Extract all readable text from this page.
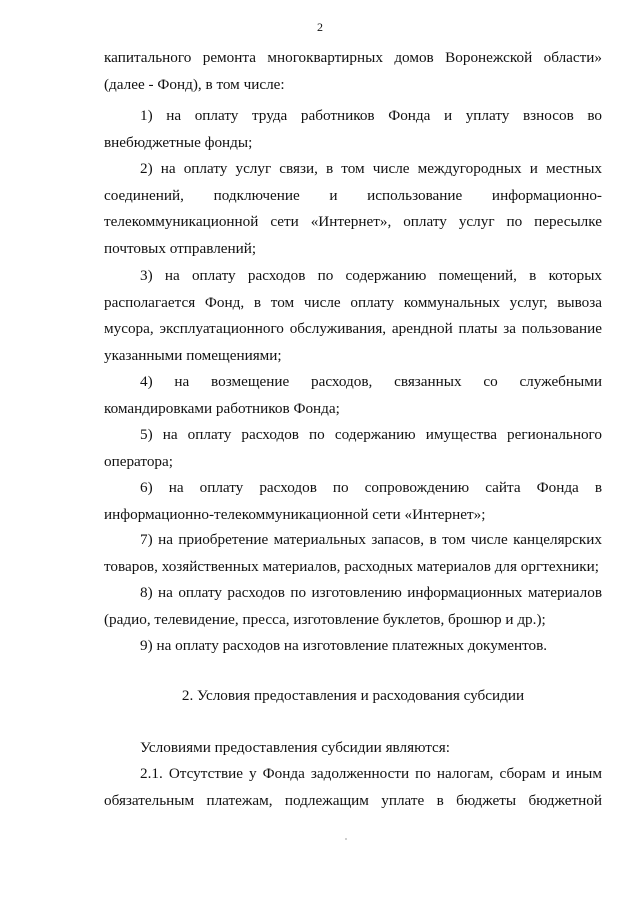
2

капитального ремонта многоквартирных домов Воронежской области» (далее - Фонд), в том числе:

1) на оплату труда работников Фонда и уплату взносов во внебюджетные фонды;

2) на оплату услуг связи, в том числе междугородных и местных соединений, подключение и использование информационно-телекоммуникационной сети «Интернет», оплату услуг по пересылке почтовых отправлений;

3) на оплату расходов по содержанию помещений, в которых располагается Фонд, в том числе оплату коммунальных услуг, вывоза мусора, эксплуатационного обслуживания, арендной платы за пользование указанными помещениями;

4) на возмещение расходов, связанных со служебными командировками работников Фонда;

5) на оплату расходов по содержанию имущества регионального оператора;

6) на оплату расходов по сопровождению сайта Фонда в информационно-телекоммуникационной сети «Интернет»;

7) на приобретение материальных запасов, в том числе канцелярских товаров, хозяйственных материалов, расходных материалов для оргтехники;

8) на оплату расходов по изготовлению информационных материалов (радио, телевидение, пресса, изготовление буклетов, брошюр и др.);

9) на оплату расходов на изготовление платежных документов.

2. Условия предоставления и расходования субсидии

Условиями предоставления субсидии являются:

2.1. Отсутствие у Фонда задолженности по налогам, сборам и иным обязательным платежам, подлежащим уплате в бюджеты бюджетной
